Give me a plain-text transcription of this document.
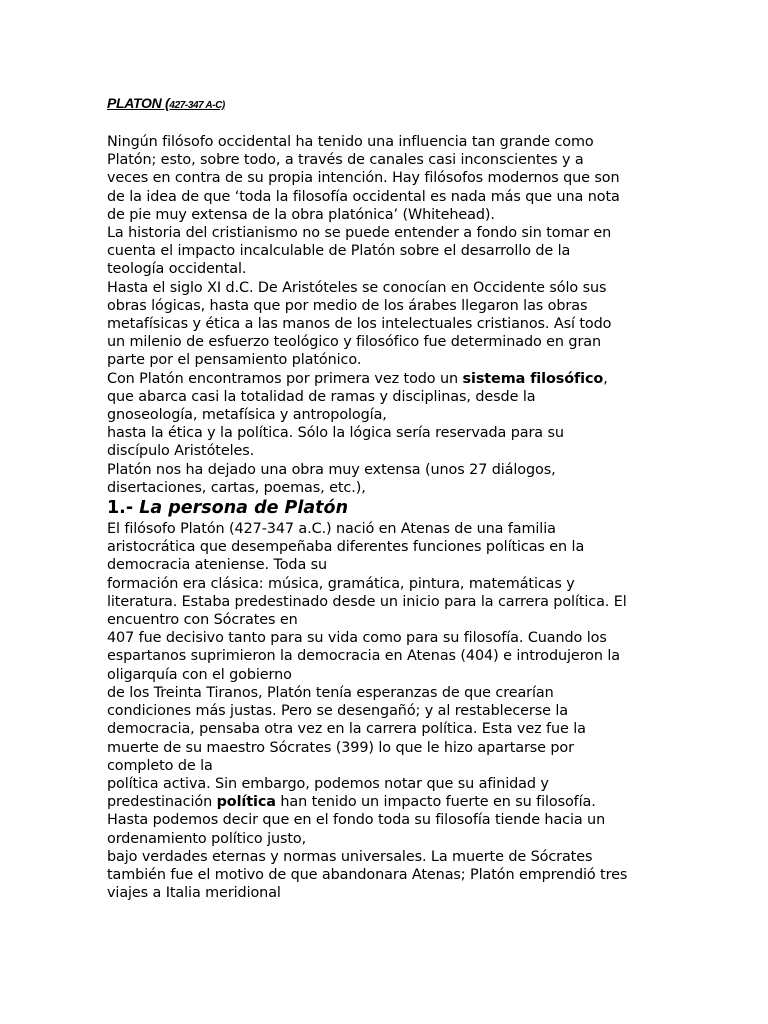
PLATON (427-347 A-C)

Ningún filósofo occidental ha tenido una influencia tan grande como
Platón; esto, sobre todo, a través de canales casi inconscientes y a
veces en contra de su propia intención. Hay filósofos modernos que son
de la idea de que ‘toda la filosofía occidental es nada más que una nota
de pie muy extensa de la obra platónica’ (Whitehead).
La historia del cristianismo no se puede entender a fondo sin tomar en
cuenta el impacto incalculable de Platón sobre el desarrollo de la
teología occidental.
Hasta el siglo XI d.C. De Aristóteles se conocían en Occidente sólo sus
obras lógicas, hasta que por medio de los árabes llegaron las obras
metafísicas y ética a las manos de los intelectuales cristianos. Así todo
un milenio de esfuerzo teológico y filosófico fue determinado en gran
parte por el pensamiento platónico.
Con Platón encontramos por primera vez todo un sistema filosófico,
que abarca casi la totalidad de ramas y disciplinas, desde la
gnoseología, metafísica y antropología,
hasta la ética y la política. Sólo la lógica sería reservada para su
discípulo Aristóteles.
Platón nos ha dejado una obra muy extensa (unos 27 diálogos,
disertaciones, cartas, poemas, etc.),

1.- La persona de Platón

El filósofo Platón (427-347 a.C.) nació en Atenas de una familia
aristocrática que desempeñaba diferentes funciones políticas en la
democracia ateniense. Toda su
formación era clásica: música, gramática, pintura, matemáticas y
literatura. Estaba predestinado desde un inicio para la carrera política. El
encuentro con Sócrates en
407 fue decisivo tanto para su vida como para su filosofía. Cuando los
espartanos suprimieron la democracia en Atenas (404) e introdujeron la
oligarquía con el gobierno
de los Treinta Tiranos, Platón tenía esperanzas de que crearían
condiciones más justas. Pero se desengañó; y al restablecerse la
democracia, pensaba otra vez en la carrera política. Esta vez fue la
muerte de su maestro Sócrates (399) lo que le hizo apartarse por
completo de la
política activa. Sin embargo, podemos notar que su afinidad y
predestinación política han tenido un impacto fuerte en su filosofía.
Hasta podemos decir que en el fondo toda su filosofía tiende hacia un
ordenamiento político justo,
bajo verdades eternas y normas universales. La muerte de Sócrates
también fue el motivo de que abandonara Atenas; Platón emprendió tres
viajes a Italia meridional
